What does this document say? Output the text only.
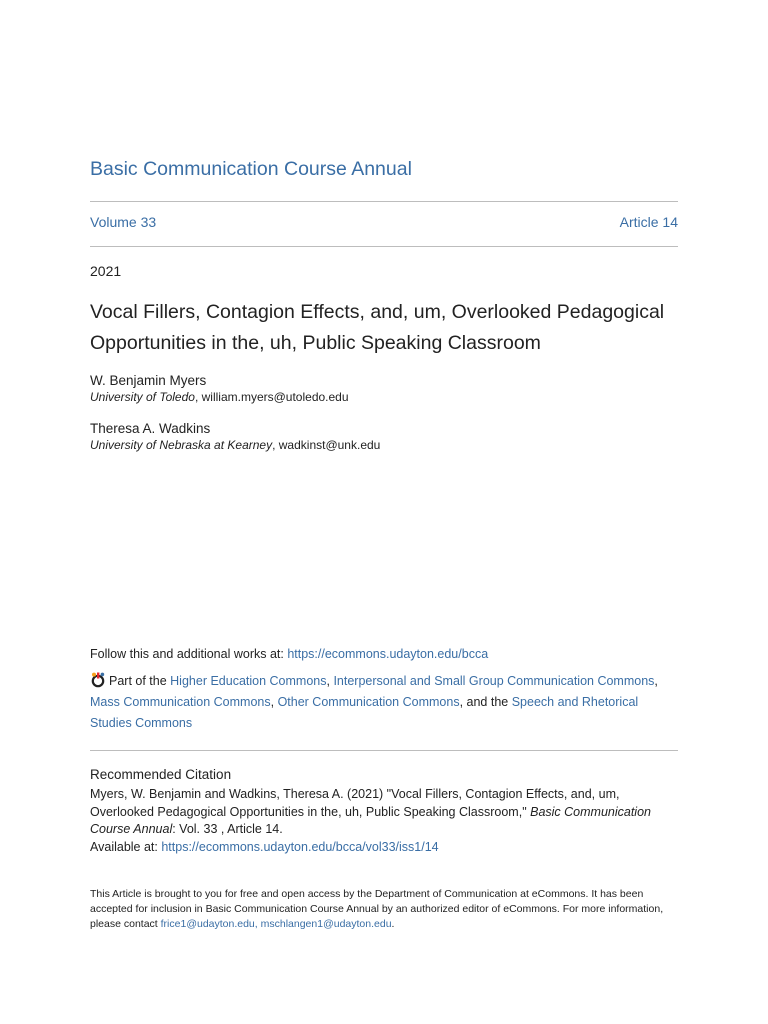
Basic Communication Course Annual
Volume 33	Article 14
2021
Vocal Fillers, Contagion Effects, and, um, Overlooked Pedagogical Opportunities in the, uh, Public Speaking Classroom
W. Benjamin Myers
University of Toledo, william.myers@utoledo.edu
Theresa A. Wadkins
University of Nebraska at Kearney, wadkinst@unk.edu
Follow this and additional works at: https://ecommons.udayton.edu/bcca
Part of the Higher Education Commons, Interpersonal and Small Group Communication Commons, Mass Communication Commons, Other Communication Commons, and the Speech and Rhetorical Studies Commons
Recommended Citation
Myers, W. Benjamin and Wadkins, Theresa A. (2021) "Vocal Fillers, Contagion Effects, and, um, Overlooked Pedagogical Opportunities in the, uh, Public Speaking Classroom," Basic Communication Course Annual: Vol. 33 , Article 14.
Available at: https://ecommons.udayton.edu/bcca/vol33/iss1/14
This Article is brought to you for free and open access by the Department of Communication at eCommons. It has been accepted for inclusion in Basic Communication Course Annual by an authorized editor of eCommons. For more information, please contact frice1@udayton.edu, mschlangen1@udayton.edu.
